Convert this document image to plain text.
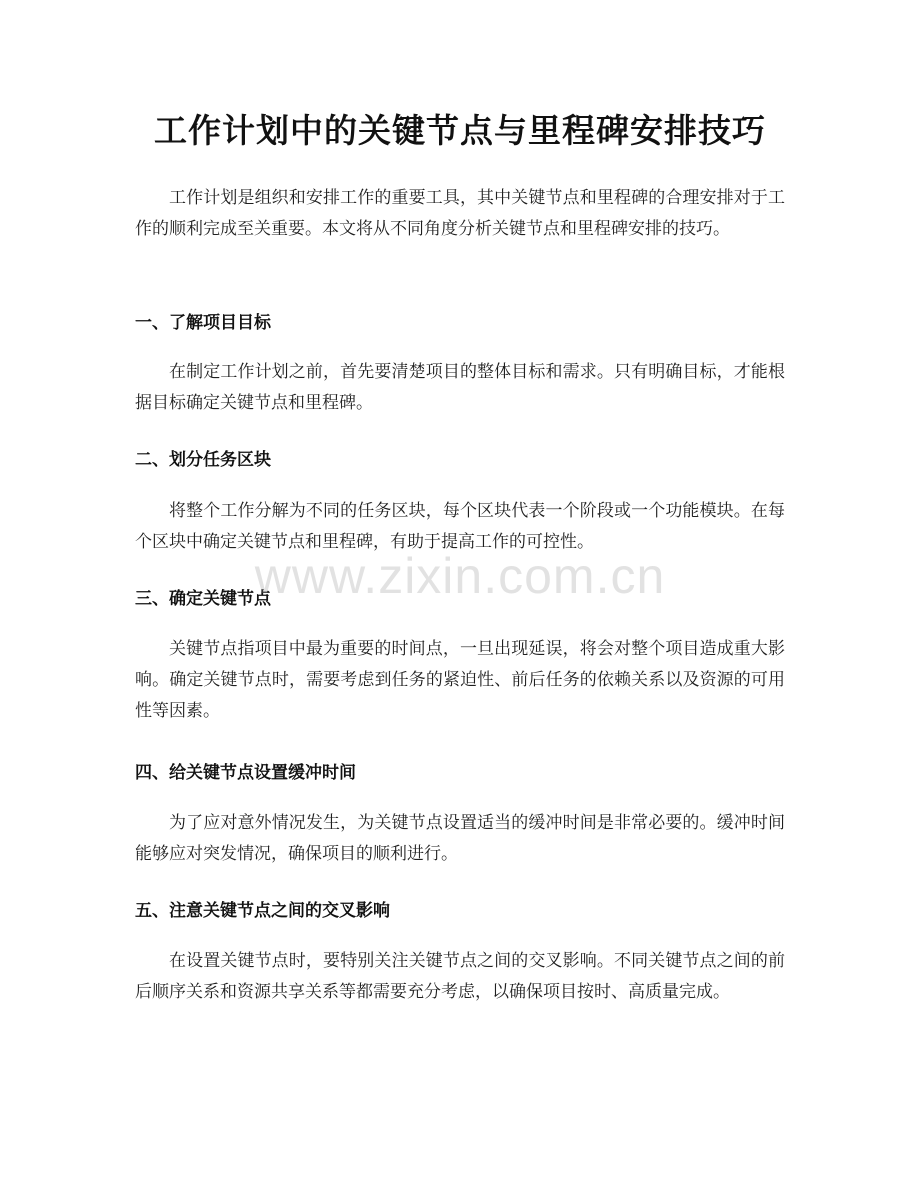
工作计划中的关键节点与里程碑安排技巧

工作计划是组织和安排工作的重要工具，其中关键节点和里程碑的合理安排对于工作的顺利完成至关重要。本文将从不同角度分析关键节点和里程碑安排的技巧。

一、了解项目目标

在制定工作计划之前，首先要清楚项目的整体目标和需求。只有明确目标，才能根据目标确定关键节点和里程碑。

二、划分任务区块

将整个工作分解为不同的任务区块，每个区块代表一个阶段或一个功能模块。在每个区块中确定关键节点和里程碑，有助于提高工作的可控性。

三、确定关键节点

关键节点指项目中最为重要的时间点，一旦出现延误，将会对整个项目造成重大影响。确定关键节点时，需要考虑到任务的紧迫性、前后任务的依赖关系以及资源的可用性等因素。

四、给关键节点设置缓冲时间

为了应对意外情况发生，为关键节点设置适当的缓冲时间是非常必要的。缓冲时间能够应对突发情况，确保项目的顺利进行。

五、注意关键节点之间的交叉影响

在设置关键节点时，要特别关注关键节点之间的交叉影响。不同关键节点之间的前后顺序关系和资源共享关系等都需要充分考虑，以确保项目按时、高质量完成。

www.zixin.com.cn
